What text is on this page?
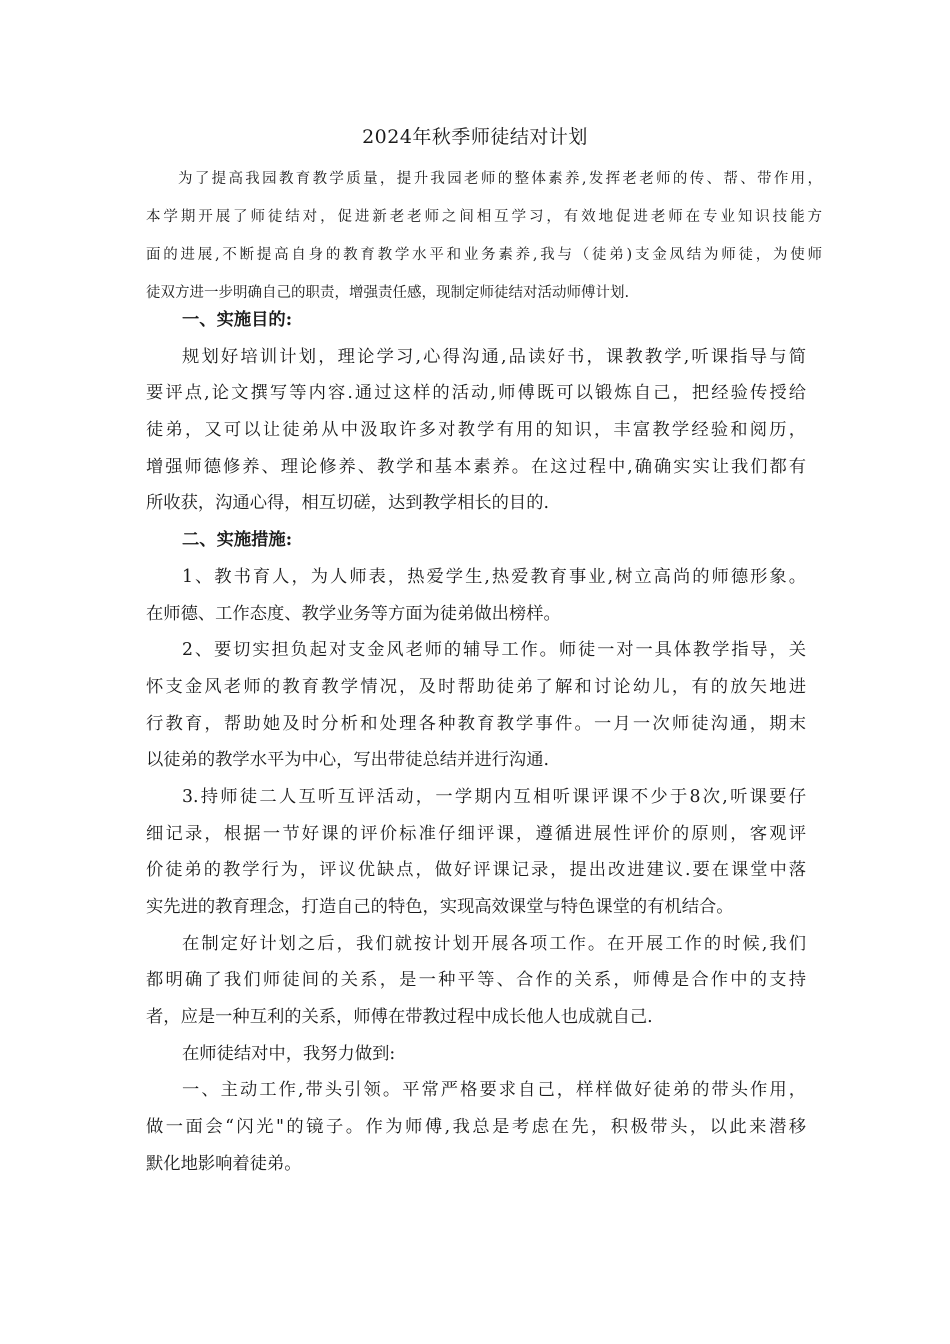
2024年秋季师徒结对计划
为了提高我园教育教学质量，提升我园老师的整体素养,发挥老老师的传、帮、带作用，
本学期开展了师徒结对，促进新老老师之间相互学习，有效地促进老师在专业知识技能方
面的进展,不断提高自身的教育教学水平和业务素养,我与（徒弟)支金凤结为师徒，为使师
徒双方进一步明确自己的职责，增强责任感，现制定师徒结对活动师傅计划.
一、实施目的:
规划好培训计划，理论学习,心得沟通,品读好书，课教教学,听课指导与简
要评点,论文撰写等内容.通过这样的活动,师傅既可以锻炼自己，把经验传授给
徒弟，又可以让徒弟从中汲取许多对教学有用的知识，丰富教学经验和阅历，
增强师德修养、理论修养、教学和基本素养。在这过程中,确确实实让我们都有
所收获，沟通心得，相互切磋，达到教学相长的目的.
二、实施措施:
1、教书育人，为人师表，热爱学生,热爱教育事业,树立高尚的师德形象。
在师德、工作态度、教学业务等方面为徒弟做出榜样。
2、要切实担负起对支金风老师的辅导工作。师徒一对一具体教学指导，关
怀支金风老师的教育教学情况，及时帮助徒弟了解和讨论幼儿，有的放矢地进
行教育，帮助她及时分析和处理各种教育教学事件。一月一次师徒沟通，期末
以徒弟的教学水平为中心，写出带徒总结并进行沟通.
3.持师徒二人互听互评活动，一学期内互相听课评课不少于8次,听课要仔
细记录，根据一节好课的评价标准仔细评课，遵循进展性评价的原则，客观评
价徒弟的教学行为，评议优缺点，做好评课记录，提出改进建议.要在课堂中落
实先进的教育理念，打造自己的特色，实现高效课堂与特色课堂的有机结合。
在制定好计划之后，我们就按计划开展各项工作。在开展工作的时候,我们
都明确了我们师徒间的关系，是一种平等、合作的关系，师傅是合作中的支持
者，应是一种互利的关系，师傅在带教过程中成长他人也成就自己.
在师徒结对中，我努力做到:
一、主动工作,带头引领。平常严格要求自己，样样做好徒弟的带头作用，
做一面会“闪光"的镜子。作为师傅,我总是考虑在先，积极带头，以此来潜移
默化地影响着徒弟。
